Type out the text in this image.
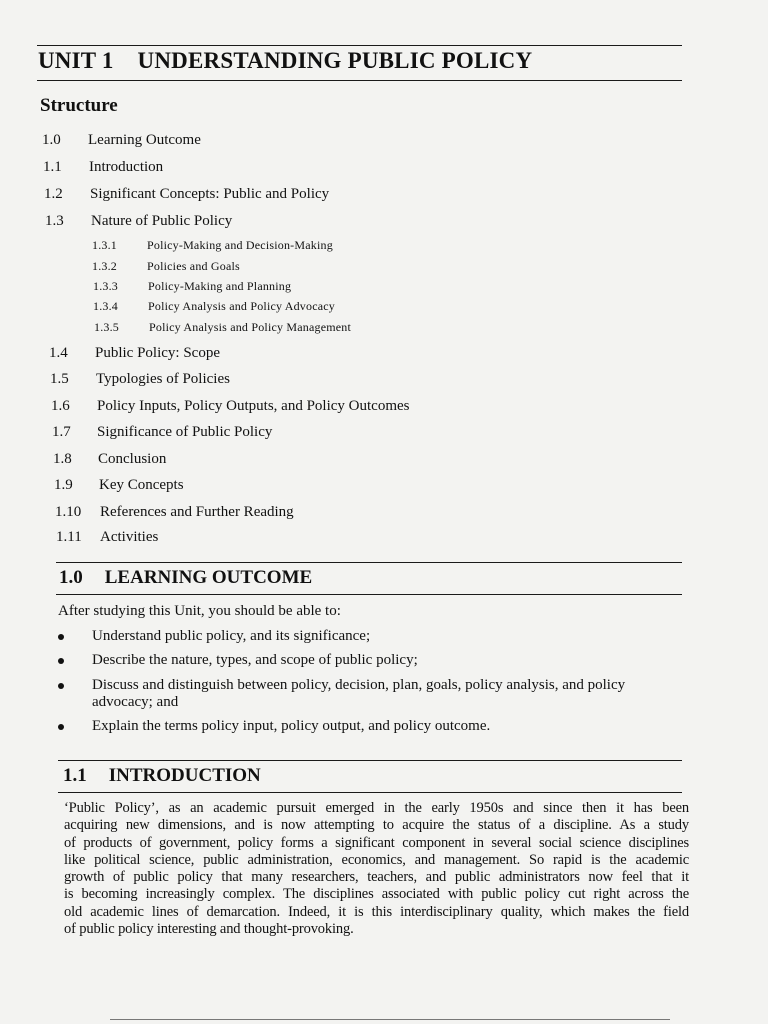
UNIT 1 UNDERSTANDING PUBLIC POLICY
Structure
1.0 Learning Outcome
1.1 Introduction
1.2 Significant Concepts: Public and Policy
1.3 Nature of Public Policy
1.3.1	Policy-Making and Decision-Making
1.3.2	Policies and Goals
1.3.3	Policy-Making and Planning
1.3.4	Policy Analysis and Policy Advocacy
1.3.5	Policy Analysis and Policy Management
1.4 Public Policy: Scope
1.5 Typologies of Policies
1.6 Policy Inputs, Policy Outputs, and Policy Outcomes
1.7 Significance of Public Policy
1.8 Conclusion
1.9 Key Concepts
1.10 References and Further Reading
1.11 Activities
1.0 LEARNING OUTCOME
After studying this Unit, you should be able to:
Understand public policy, and its significance;
Describe the nature, types, and scope of public policy;
Discuss and distinguish between policy, decision, plan, goals, policy analysis, and policy
advocacy; and
Explain the terms policy input, policy output, and policy outcome.
1.1 INTRODUCTION
‘Public Policy’, as an academic pursuit emerged in the early 1950s and since then it has been
acquiring new dimensions, and is now attempting to acquire the status of a discipline. As a study
of products of government, policy forms a significant component in several social science disciplines
like political science, public administration, economics, and management. So rapid is the academic
growth of public policy that many researchers, teachers, and public administrators now feel that it
is becoming increasingly complex. The disciplines associated with public policy cut right across the
old academic lines of demarcation. Indeed, it is this interdisciplinary quality, which makes the field
of public policy interesting and thought-provoking.
